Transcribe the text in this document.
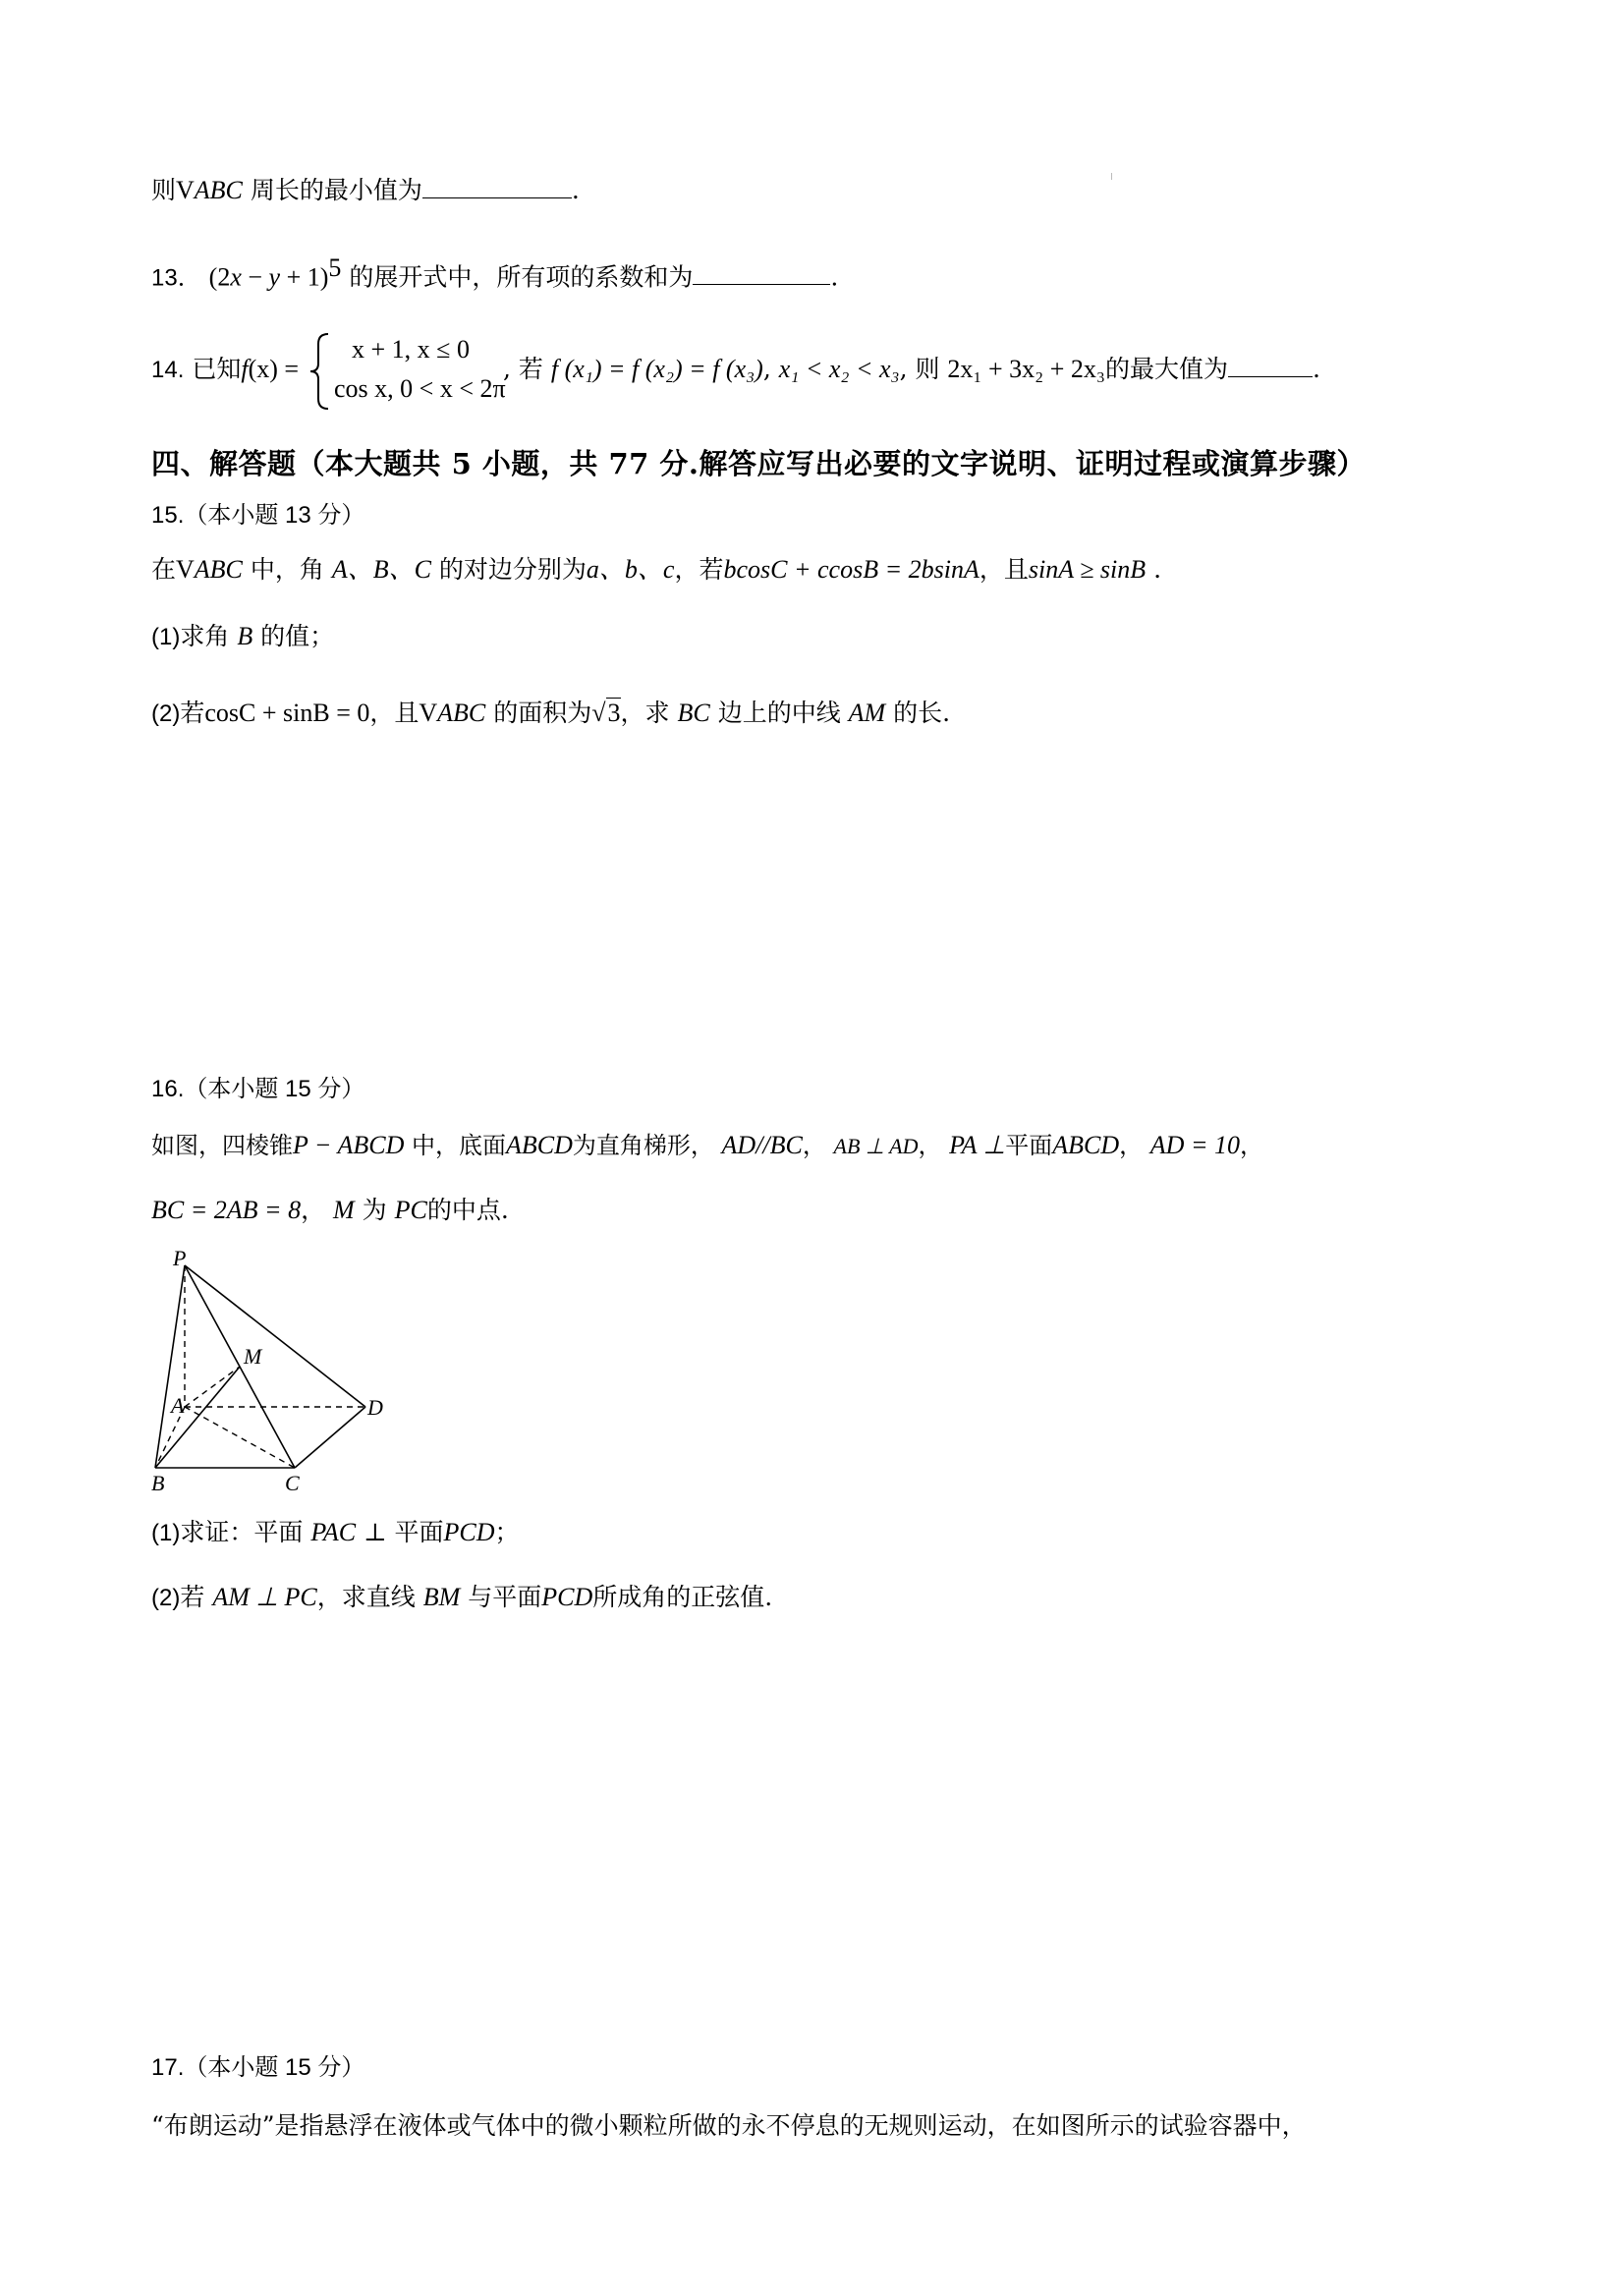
则VABC 周长的最小值为	.
13． $(2x - y + 1)^5$ 的展开式中，所有项的系数和为	.
14. 已知f(x) =
x + 1, x ≤ 0
cos x, 0 < x < 2π
, 若 f (x₁) = f (x₂) = f (x₃), x₁ < x₂ < x₃, 则 2x₁ + 3x₂ + 2x₃的最大值为	.
四、解答题（本大题共 5 小题，共 77 分.解答应写出必要的文字说明、证明过程或演算步骤）
15.（本小题 13 分）
在VABC 中，角 A、B、C 的对边分别为a、b、c，若bcosC + ccosB = 2bsinA，且sinA ≥ sinB .
(1)求角 B 的值；
(2)若cosC + sinB = 0，且VABC 的面积为√3，求 BC 边上的中线 AM 的长.
16.（本小题 15 分）
如图，四棱锥P − ABCD 中，底面ABCD为直角梯形， AD//BC， AB ⊥ AD， PA ⊥平面ABCD， AD = 10，
BC = 2AB = 8， M 为 PC的中点.
P
M
A	D
B	C
(1)求证：平面 PAC ⊥ 平面PCD；
(2)若 AM ⊥ PC，求直线 BM 与平面PCD所成角的正弦值.
17.（本小题 15 分）
“布朗运动”是指悬浮在液体或气体中的微小颗粒所做的永不停息的无规则运动，在如图所示的试验容器中，
